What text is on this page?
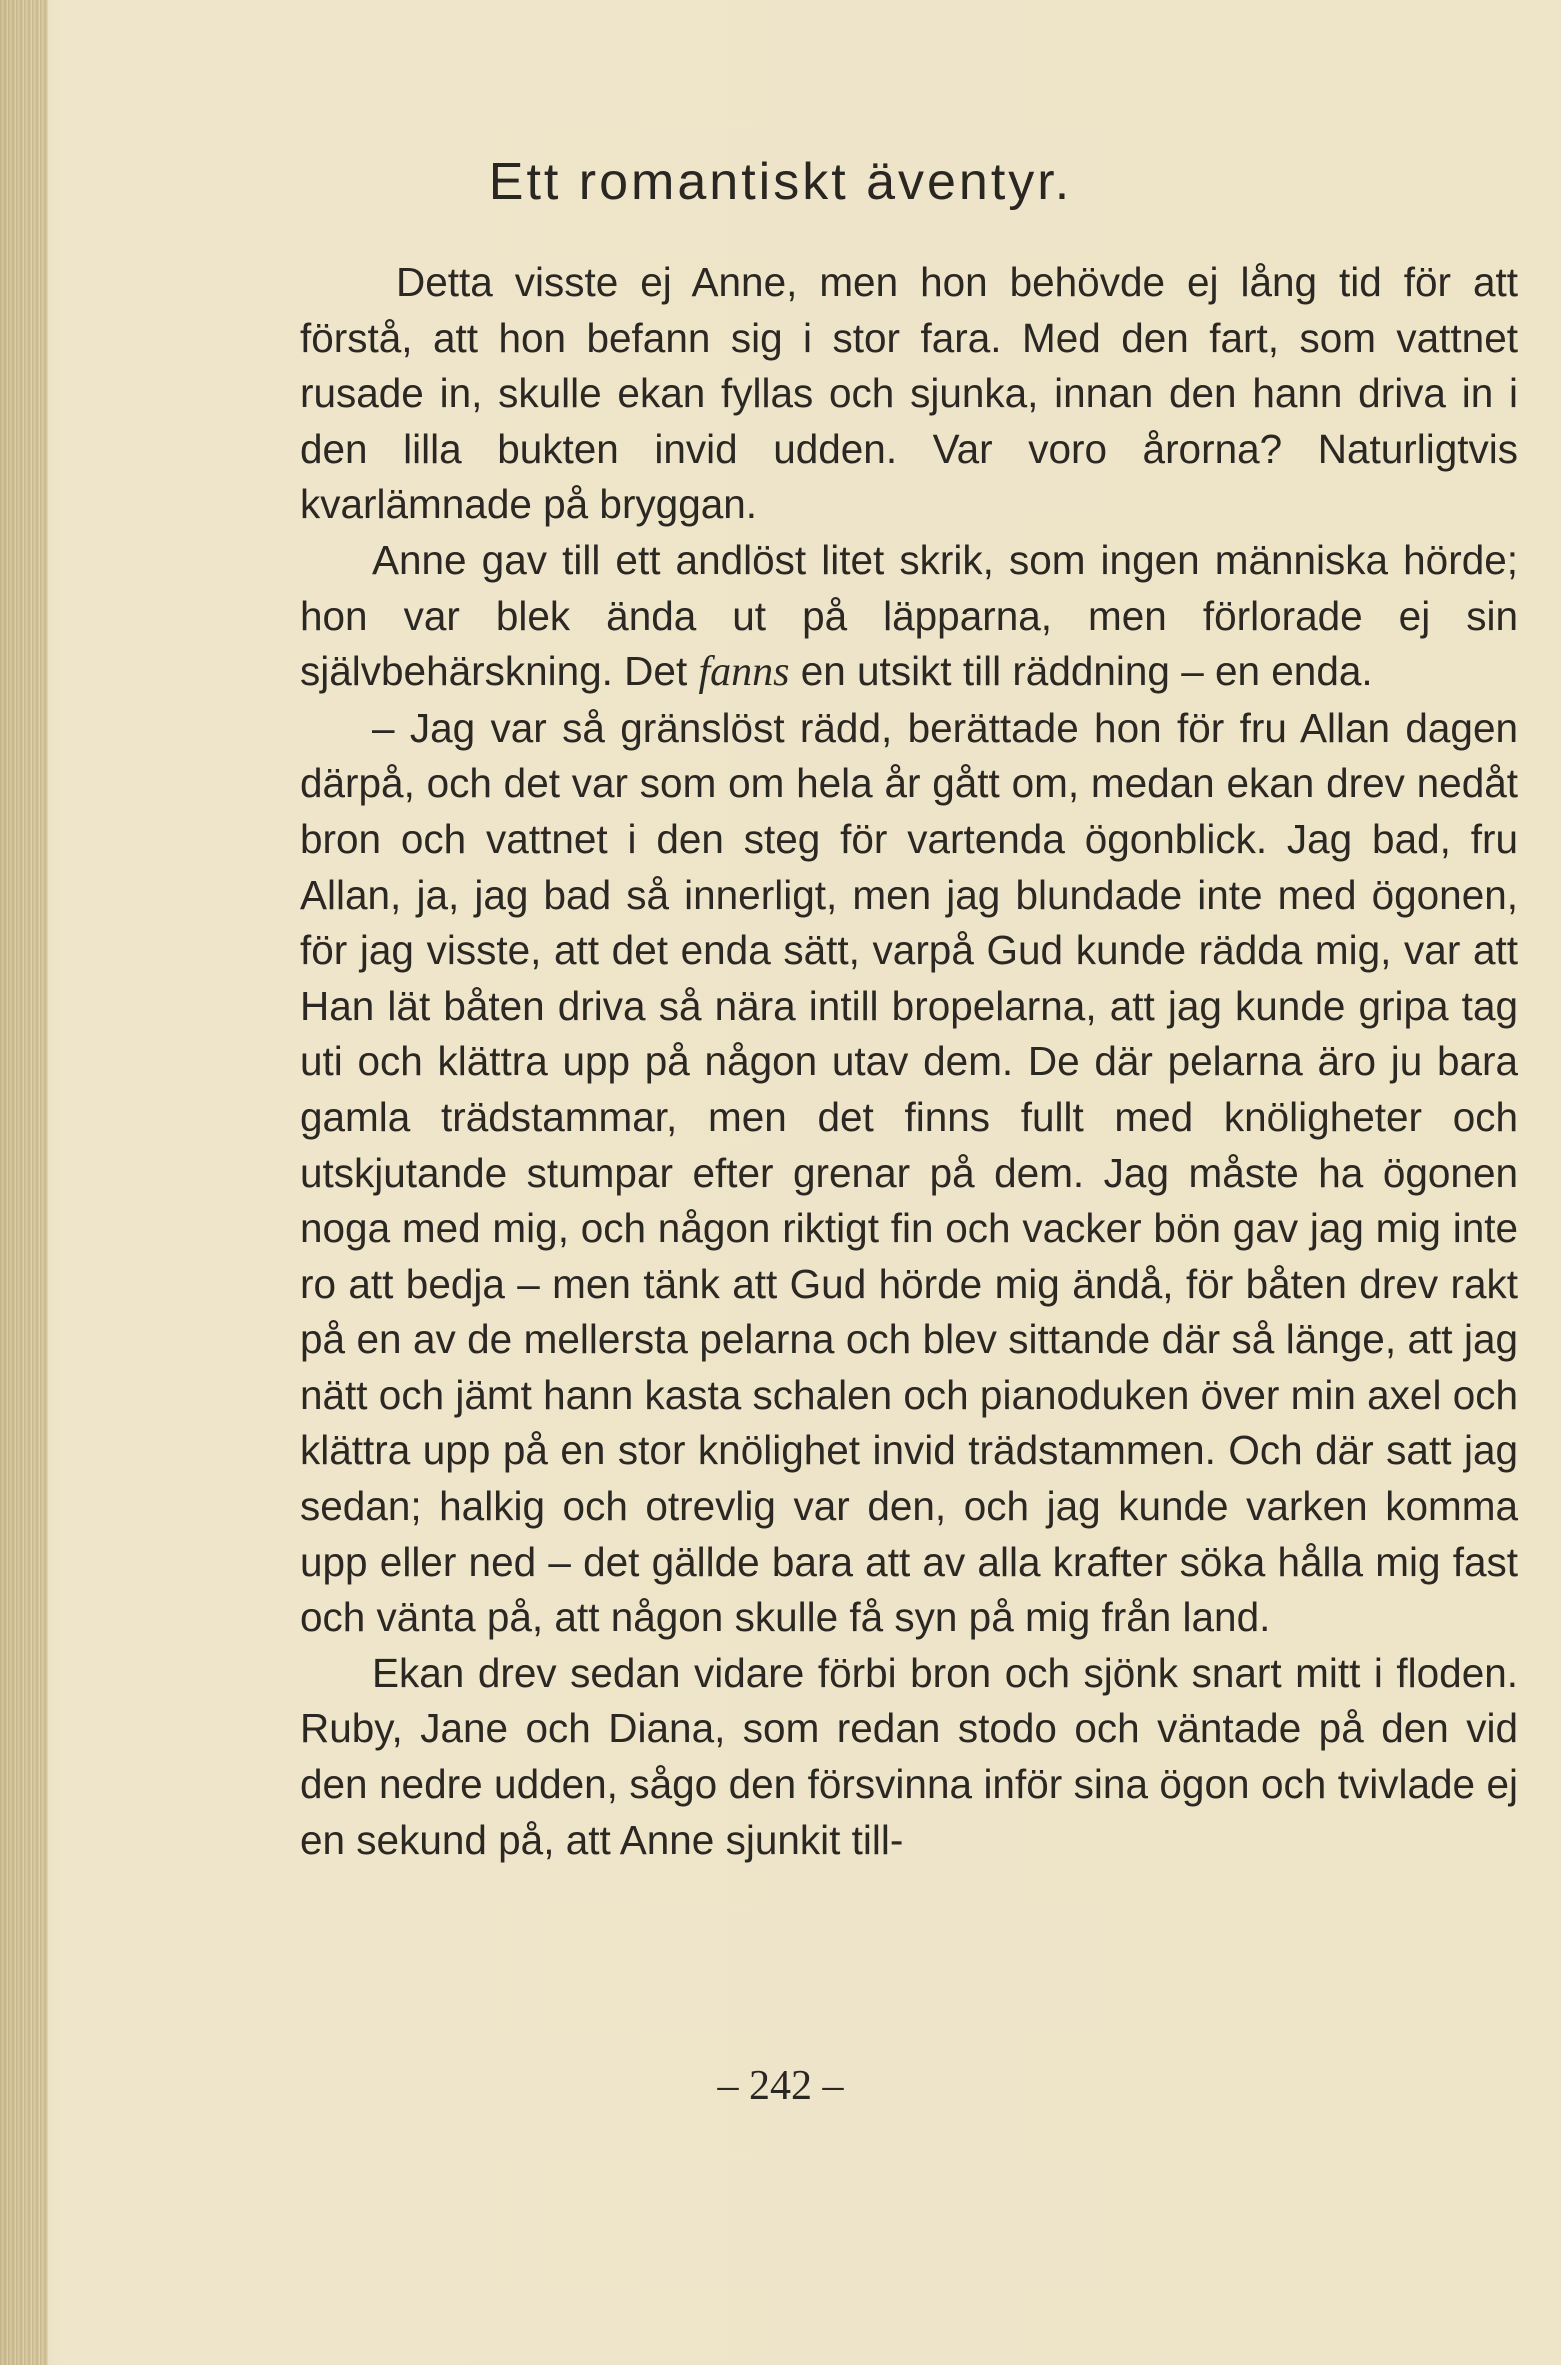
Ett romantiskt äventyr.

Detta visste ej Anne, men hon behövde ej lång tid för att förstå, att hon befann sig i stor fara. Med den fart, som vattnet rusade in, skulle ekan fyllas och sjunka, innan den hann driva in i den lilla bukten invid udden. Var voro årorna? Naturligtvis kvarlämnade på bryggan.

Anne gav till ett andlöst litet skrik, som ingen människa hörde; hon var blek ända ut på läpparna, men förlorade ej sin självbehärskning. Det fanns en utsikt till räddning – en enda.

– Jag var så gränslöst rädd, berättade hon för fru Allan dagen därpå, och det var som om hela år gått om, medan ekan drev nedåt bron och vattnet i den steg för vartenda ögonblick. Jag bad, fru Allan, ja, jag bad så innerligt, men jag blundade inte med ögonen, för jag visste, att det enda sätt, varpå Gud kunde rädda mig, var att Han lät båten driva så nära intill bropelarna, att jag kunde gripa tag uti och klättra upp på någon utav dem. De där pelarna äro ju bara gamla trädstammar, men det finns fullt med knöligheter och utskjutande stumpar efter grenar på dem. Jag måste ha ögonen noga med mig, och någon riktigt fin och vacker bön gav jag mig inte ro att bedja – men tänk att Gud hörde mig ändå, för båten drev rakt på en av de mellersta pelarna och blev sittande där så länge, att jag nätt och jämt hann kasta schalen och pianoduken över min axel och klättra upp på en stor knölighet invid trädstammen. Och där satt jag sedan; halkig och otrevlig var den, och jag kunde varken komma upp eller ned – det gällde bara att av alla krafter söka hålla mig fast och vänta på, att någon skulle få syn på mig från land.

Ekan drev sedan vidare förbi bron och sjönk snart mitt i floden. Ruby, Jane och Diana, som redan stodo och väntade på den vid den nedre udden, sågo den försvinna inför sina ögon och tvivlade ej en sekund på, att Anne sjunkit till-

– 242 –
